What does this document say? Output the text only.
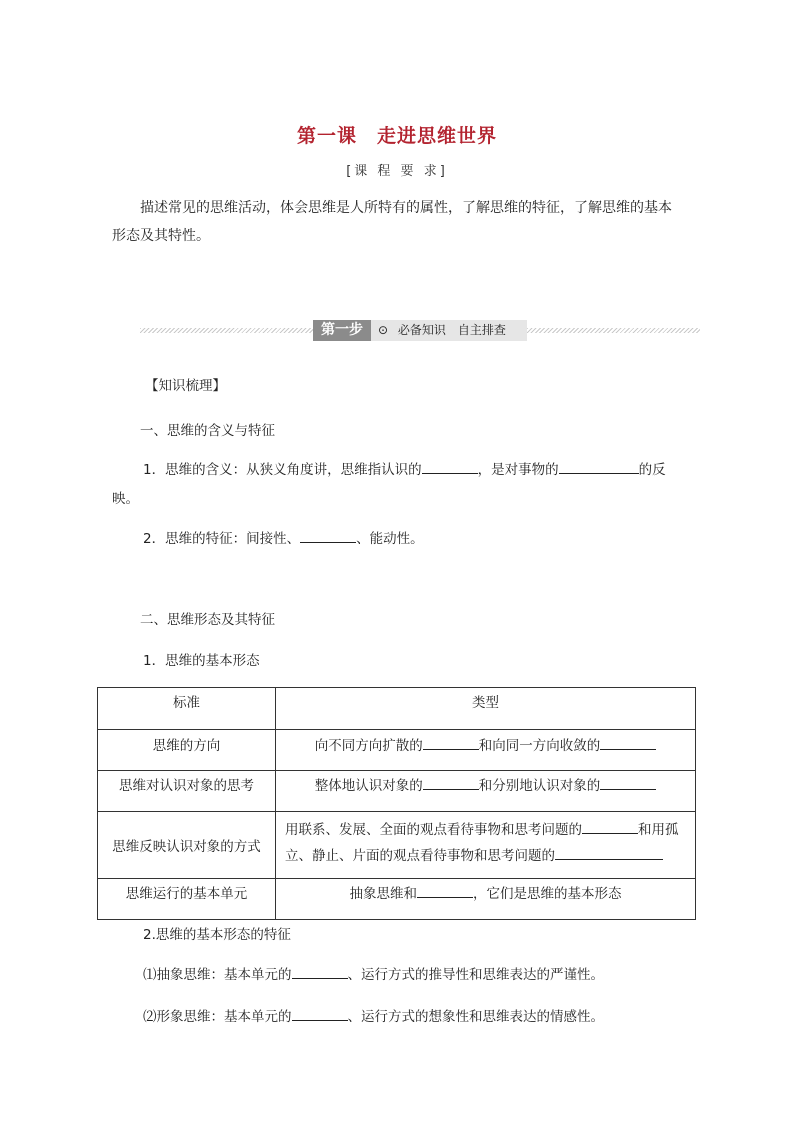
第一课　走进思维世界
[课 程 要 求]
描述常见的思维活动，体会思维是人所特有的属性，了解思维的特征，了解思维的基本
形态及其特性。
第一步	⊙ 必备知识　自主排查
【知识梳理】
一、思维的含义与特征
1．思维的含义：从狭义角度讲，思维指认识的	，是对事物的	的反
映。
2．思维的特征：间接性、	、能动性。
二、思维形态及其特征
1．思维的基本形态
标准	类型
思维的方向	向不同方向扩散的 和向同一方向收敛的
思维对认识对象的思考	整体地认识对象的 和分别地认识对象的
思维反映认识对象的方式	用联系、发展、全面的观点看待事物和思考问题的 和用孤
立、静止、片面的观点看待事物和思考问题的

思维运行的基本单元	抽象思维和 ，它们是思维的基本形态
2.思维的基本形态的特征
⑴抽象思维：基本单元的	、运行方式的推导性和思维表达的严谨性。
⑵形象思维：基本单元的	、运行方式的想象性和思维表达的情感性。
